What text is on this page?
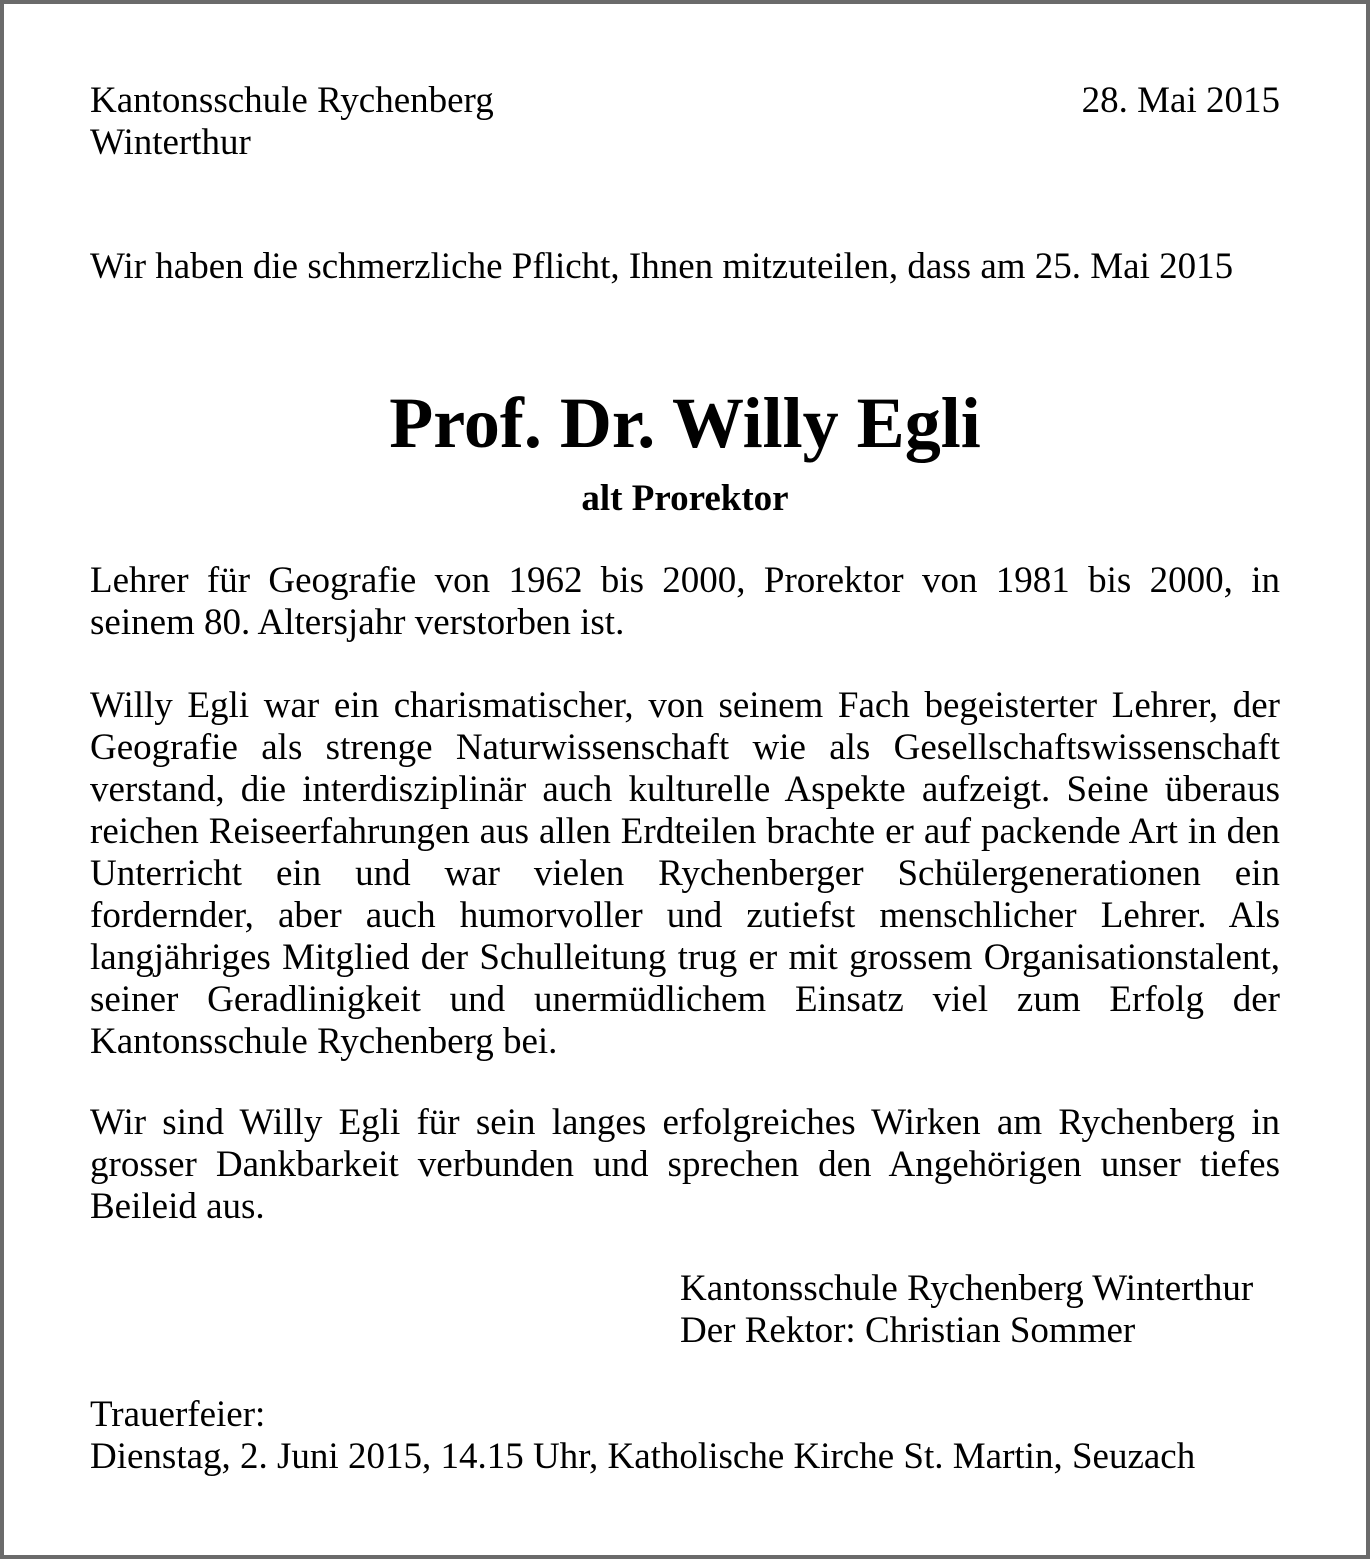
Kantonsschule Rychenberg
Winterthur
28. Mai 2015
Wir haben die schmerzliche Pflicht, Ihnen mitzuteilen, dass am 25. Mai 2015
Prof. Dr. Willy Egli
alt Prorektor

Lehrer für Geografie von 1962 bis 2000, Prorektor von 1981 bis 2000, in seinem 80. Altersjahr verstorben ist.

Willy Egli war ein charismatischer, von seinem Fach begeisterter Lehrer, der Geografie als strenge Naturwissenschaft wie als Gesellschaftswissenschaft verstand, die interdisziplinär auch kulturelle Aspekte aufzeigt. Seine überaus reichen Reiseerfahrungen aus allen Erdteilen brachte er auf packende Art in den Unterricht ein und war vielen Rychenberger Schülergenerationen ein fordernder, aber auch humorvoller und zutiefst menschlicher Lehrer. Als langjähriges Mitglied der Schulleitung trug er mit grossem Organisationstalent, seiner Geradlinigkeit und unermüdlichem Einsatz viel zum Erfolg der Kantonsschule Rychenberg bei.

Wir sind Willy Egli für sein langes erfolgreiches Wirken am Rychenberg in grosser Dankbarkeit verbunden und sprechen den Angehörigen unser tiefes Beileid aus.

Kantonsschule Rychenberg Winterthur
Der Rektor: Christian Sommer
Trauerfeier:
Dienstag, 2. Juni 2015, 14.15 Uhr, Katholische Kirche St. Martin, Seuzach
